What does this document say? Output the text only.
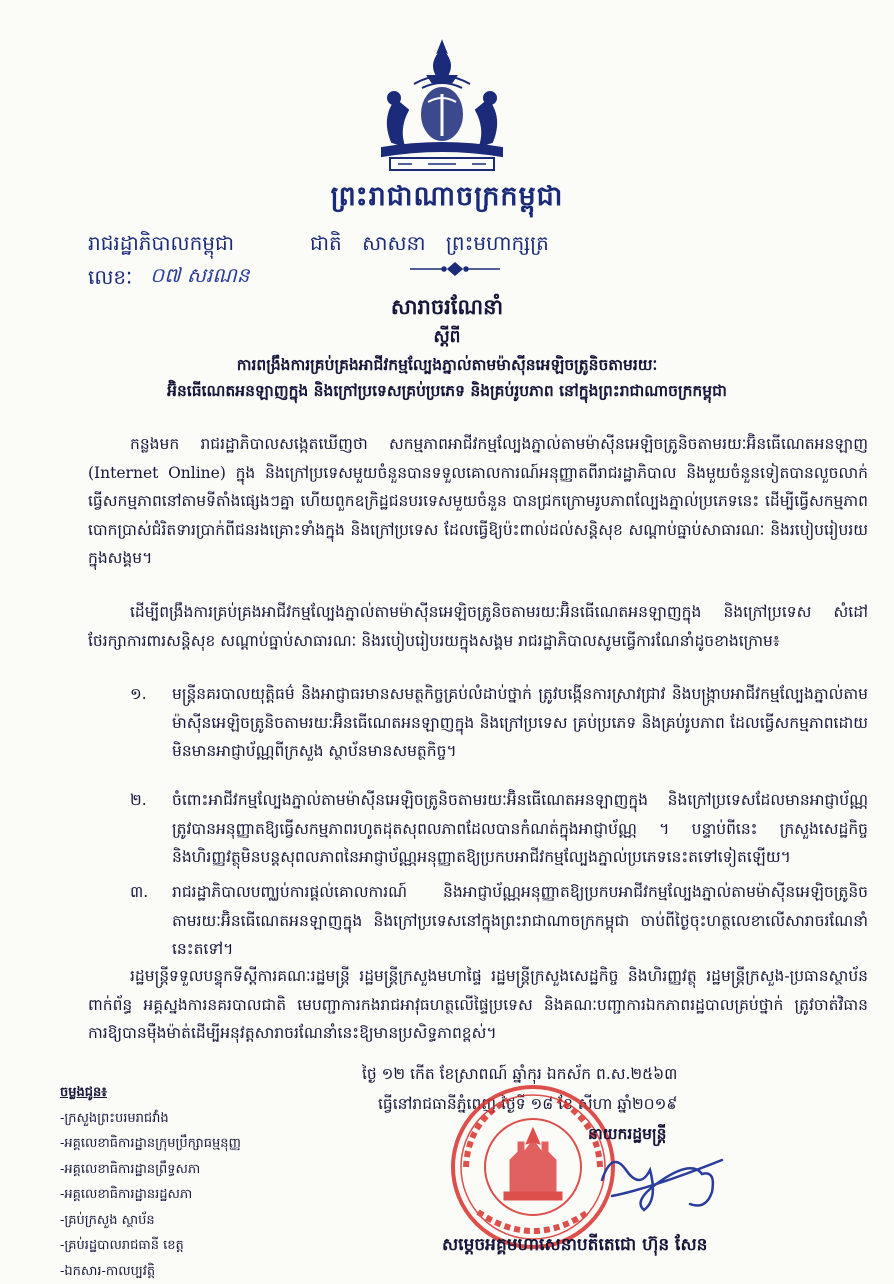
ព្រះរាជាណាចក្រកម្ពុជា
រាជរដ្ឋាភិបាលកម្ពុជា	ជាតិ សាសនា ព្រះមហាក្សត្រ
លេខៈ ០៧ សរណន
សារាចរណែនាំ
ស្តីពី
ការពង្រឹងការគ្រប់គ្រងអាជីវកម្មល្បែងភ្នាល់តាមម៉ាស៊ីនអេឡិចត្រូនិចតាមរយៈ
អ៊ិនធើណេតអនឡាញក្នុង និងក្រៅប្រទេសគ្រប់ប្រភេទ និងគ្រប់រូបភាព នៅក្នុងព្រះរាជាណាចក្រកម្ពុជា
កន្លងមក រាជរដ្ឋាភិបាលសង្កេតឃើញថា សកម្មភាពអាជីវកម្មល្បែងភ្នាល់តាមម៉ាស៊ីនអេឡិចត្រូនិចតាមរយៈអ៊ិនធើណេតអនឡាញ (Internet Online) ក្នុង និងក្រៅប្រទេសមួយចំនួនបានទទួលគោលការណ៍អនុញ្ញាតពីរាជរដ្ឋាភិបាល និងមួយចំនួនទៀតបានលួចលាក់ធ្វើសកម្មភាពនៅតាមទីតាំងផ្សេងៗគ្នា ហើយពួកឧក្រិដ្ឋជនបរទេសមួយចំនួន បានជ្រកក្រោមរូបភាពល្បែងភ្នាល់ប្រភេទនេះ ដើម្បីធ្វើសកម្មភាពបោកប្រាស់ជំរិតទារប្រាក់ពីជនរងគ្រោះទាំងក្នុង និងក្រៅប្រទេស ដែលធ្វើឱ្យប៉ះពាល់ដល់សន្តិសុខ សណ្តាប់ធ្នាប់សាធារណៈ និងរបៀបរៀបរយក្នុងសង្គម។
ដើម្បីពង្រឹងការគ្រប់គ្រងអាជីវកម្មល្បែងភ្នាល់តាមម៉ាស៊ីនអេឡិចត្រូនិចតាមរយៈអ៊ិនធើណេតអនឡាញក្នុង និងក្រៅប្រទេស សំដៅថែរក្សាការពារសន្តិសុខ សណ្តាប់ធ្នាប់សាធារណៈ និងរបៀបរៀបរយក្នុងសង្គម រាជរដ្ឋាភិបាលសូមធ្វើការណែនាំដូចខាងក្រោម៖
១.	មន្ត្រីនគរបាលយុត្តិធម៌ និងអាជ្ញាធរមានសមត្ថកិច្ចគ្រប់លំដាប់ថ្នាក់ ត្រូវបង្កើនការស្រាវជ្រាវ និងបង្រ្កាបអាជីវកម្មល្បែងភ្នាល់តាមម៉ាស៊ីនអេឡិចត្រូនិចតាមរយៈអ៊ិនធើណេតអនឡាញក្នុង និងក្រៅប្រទេស គ្រប់ប្រភេទ និងគ្រប់រូបភាព ដែលធ្វើសកម្មភាពដោយមិនមានអាជ្ញាប័ណ្ណពីក្រសួង ស្ថាប័នមានសមត្ថកិច្ច។
២.	ចំពោះអាជីវកម្មល្បែងភ្នាល់តាមម៉ាស៊ីនអេឡិចត្រូនិចតាមរយៈអ៊ិនធើណេតអនឡាញក្នុង និងក្រៅប្រទេសដែលមានអាជ្ញាប័ណ្ណ ត្រូវបានអនុញ្ញាតឱ្យធ្វើសកម្មភាពរហូតដុតសុពលភាពដែលបានកំណត់ក្នុងអាជ្ញាប័ណ្ណ ។ បន្ទាប់ពីនេះ ក្រសួងសេដ្ឋកិច្ច និងហិរញ្ញវត្ថុមិនបន្តសុពលភាពនៃអាជ្ញាប័ណ្ណអនុញ្ញាតឱ្យប្រកបអាជីវកម្មល្បែងភ្នាល់ប្រភេទនេះតទៅទៀតឡើយ។
៣.	រាជរដ្ឋាភិបាលបញ្ឈប់ការផ្តល់គោលការណ៍ និងអាជ្ញាប័ណ្ណអនុញ្ញាតឱ្យប្រកបអាជីវកម្មល្បែងភ្នាល់តាមម៉ាស៊ីនអេឡិចត្រូនិចតាមរយៈអ៊ិនធើណេតអនឡាញក្នុង និងក្រៅប្រទេសនៅក្នុងព្រះរាជាណាចក្រកម្ពុជា ចាប់ពីថ្ងៃចុះហត្ថលេខាលើសារាចរណែនាំនេះតទៅ។
រដ្ឋមន្ត្រីទទួលបន្ទុកទីស្តីការគណៈរដ្ឋមន្ត្រី រដ្ឋមន្ត្រីក្រសួងមហាផ្ទៃ រដ្ឋមន្ត្រីក្រសួងសេដ្ឋកិច្ច និងហិរញ្ញវត្ថុ រដ្ឋមន្ត្រីក្រសួង-ប្រធានស្ថាប័នពាក់ព័ន្ធ អគ្គស្នងការនគរបាលជាតិ មេបញ្ជាការកងរាជអាវុធហត្ថលើផ្ទៃប្រទេស និងគណៈបញ្ជាការឯកភាពរដ្ឋបាលគ្រប់ថ្នាក់ ត្រូវចាត់វិធានការឱ្យបានម៉ឺងម៉ាត់ដើម្បីអនុវត្តសារាចរណែនាំនេះឱ្យមានប្រសិទ្ធភាពខ្ពស់។
ថ្ងៃ ១២ កើត ខែស្រាពណ៍ ឆ្នាំកុរ ឯកស័ក ព.ស.២៥៦៣
ធ្វើនៅរាជធានីភ្នំពេញ ថ្ងៃទី ១៨ ខែ សីហា ឆ្នាំ២០១៩
នាយករដ្ឋមន្ត្រី
សម្តេចអគ្គមហាសេនាបតីតេជោ ហ៊ុន សែន
ចម្លងជូន៖
-ក្រសួងព្រះបរមរាជវាំង
-អគ្គលេខាធិការដ្ឋានក្រុមប្រឹក្សាធម្មនុញ្ញ
-អគ្គលេខាធិការដ្ឋានព្រឹទ្ធសភា
-អគ្គលេខាធិការដ្ឋានរដ្ឋសភា
-គ្រប់ក្រសួង ស្ថាប័ន
-គ្រប់រដ្ឋបាលរាជធានី ខេត្ត
-ឯកសារ-កាលប្បវត្តិ
